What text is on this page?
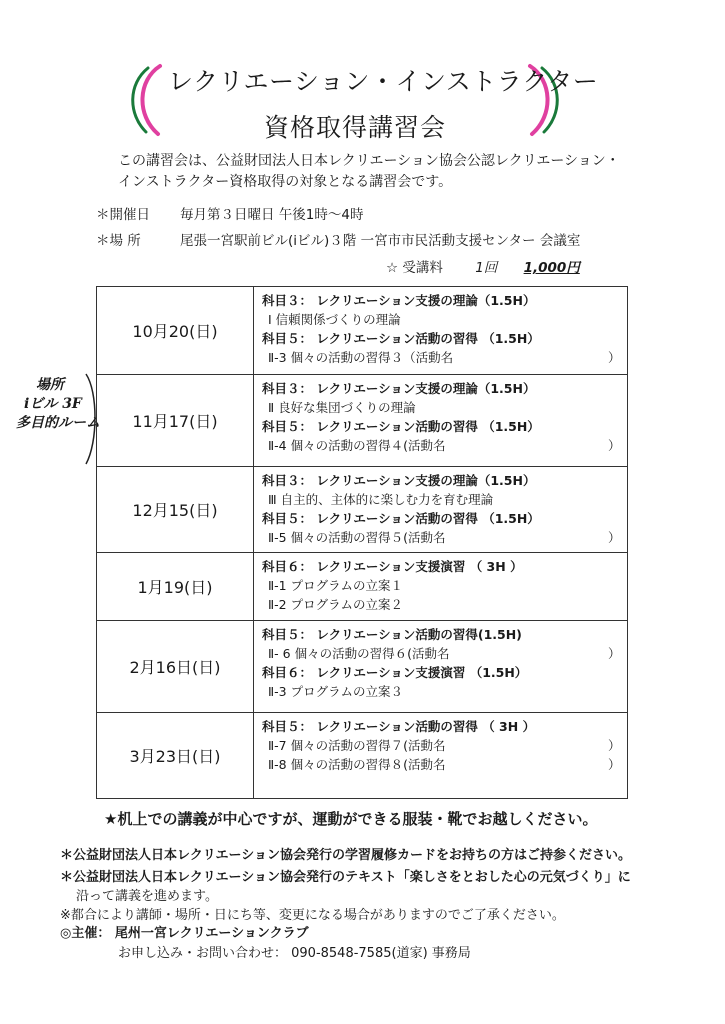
レクリエーション・インストラクター
資格取得講習会
この講習会は、公益財団法人日本レクリエーション協会公認レクリエーション・
インストラクター資格取得の対象となる講習会です。
＊開催日 毎月第３日曜日 午後1時～4時
＊場 所	尾張一宮駅前ビル(iビル)３階 一宮市市民活動支援センター 会議室
☆ 受講料 1回 1,000円
場所
iビル 3F
多目的ルーム
10月20(日)	科目３： レクリエーション支援の理論（1.5H）
Ⅰ 信頼関係づくりの理論
科目５： レクリエーション活動の習得 （1.5H）
Ⅱ-3 個々の活動の習得３（活動名 ）

11月17(日)	科目３： レクリエーション支援の理論（1.5H）
Ⅱ 良好な集団づくりの理論
科目５： レクリエーション活動の習得 （1.5H）
Ⅱ-4 個々の活動の習得４(活動名 ）

12月15(日)	科目３： レクリエーション支援の理論（1.5H）
Ⅲ 自主的、主体的に楽しむ力を育む理論
科目５： レクリエーション活動の習得 （1.5H）
Ⅱ-5 個々の活動の習得５(活動名 ）

1月19(日)	科目６： レクリエーション支援演習 （ 3H ）
Ⅱ-1 プログラムの立案１
Ⅱ-2 プログラムの立案２

2月16日(日)	科目５： レクリエーション活動の習得(1.5H)
Ⅱ- 6 個々の活動の習得６(活動名 ）
科目６： レクリエーション支援演習 （1.5H）
Ⅱ-3 プログラムの立案３

3月23日(日)	科目５： レクリエーション活動の習得 （ 3H ）
Ⅱ-7 個々の活動の習得７(活動名 ）
Ⅱ-8 個々の活動の習得８(活動名 ）
★机上での講義が中心ですが、運動ができる服装・靴でお越しください。
＊公益財団法人日本レクリエーション協会発行の学習履修カードをお持ちの方はご持参ください。
＊公益財団法人日本レクリエーション協会発行のテキスト「楽しさをとおした心の元気づくり」に
沿って講義を進めます。
※都合により講師・場所・日にち等、変更になる場合がありますのでご了承ください。
◎主催： 尾州一宮レクリエーションクラブ
お申し込み・お問い合わせ： 090-8548-7585(道家) 事務局
